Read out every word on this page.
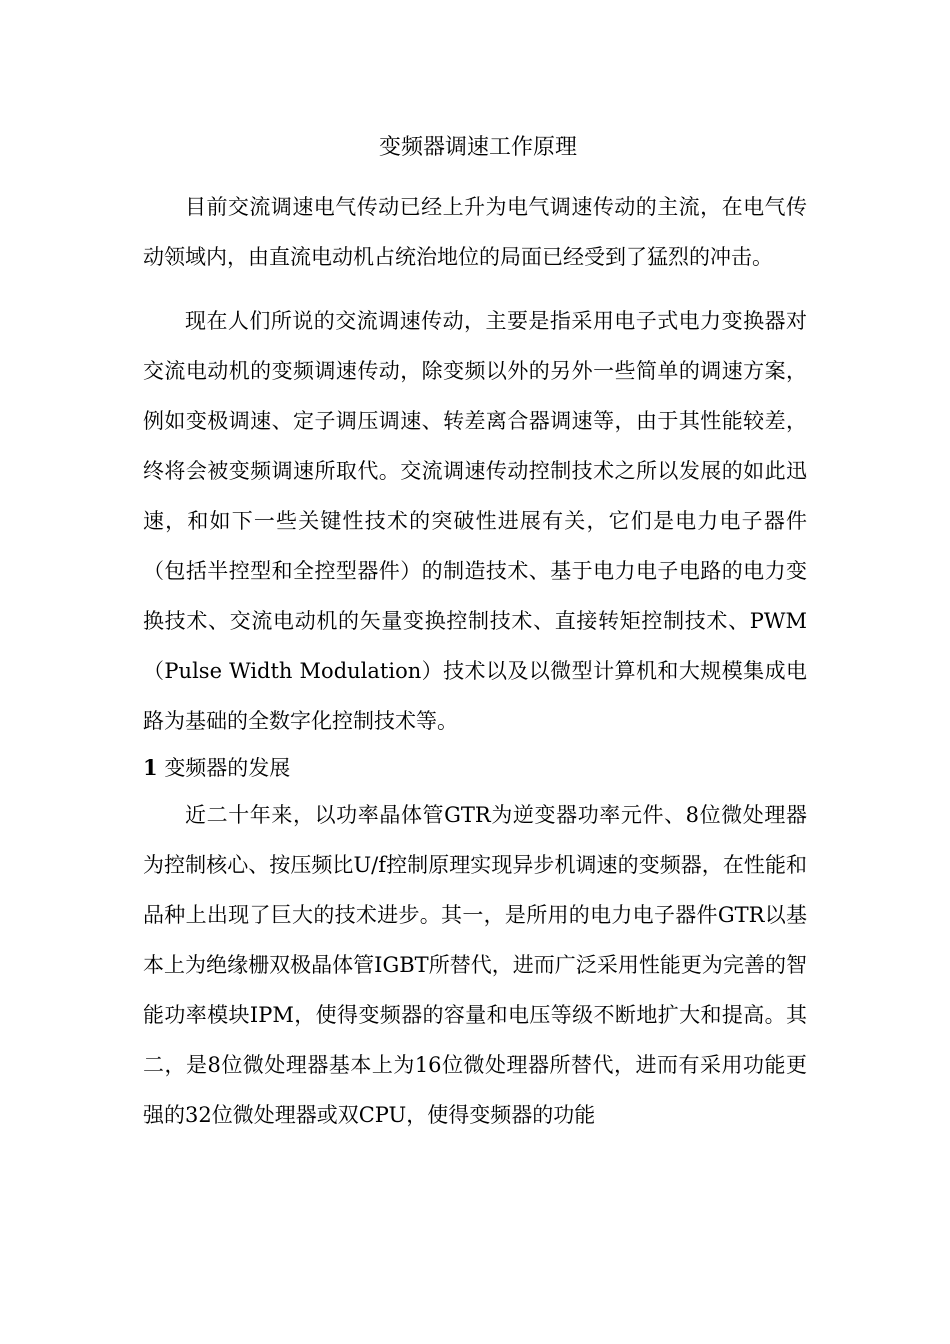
变频器调速工作原理

目前交流调速电气传动已经上升为电气调速传动的主流，在电气传动领域内，由直流电动机占统治地位的局面已经受到了猛烈的冲击。

现在人们所说的交流调速传动，主要是指采用电子式电力变换器对交流电动机的变频调速传动，除变频以外的另外一些简单的调速方案，例如变极调速、定子调压调速、转差离合器调速等，由于其性能较差，终将会被变频调速所取代。交流调速传动控制技术之所以发展的如此迅速，和如下一些关键性技术的突破性进展有关，它们是电力电子器件（包括半控型和全控型器件）的制造技术、基于电力电子电路的电力变换技术、交流电动机的矢量变换控制技术、直接转矩控制技术、PWM（Pulse Width Modulation）技术以及以微型计算机和大规模集成电路为基础的全数字化控制技术等。

1 变频器的发展

近二十年来，以功率晶体管GTR为逆变器功率元件、8位微处理器为控制核心、按压频比U/f控制原理实现异步机调速的变频器，在性能和品种上出现了巨大的技术进步。其一，是所用的电力电子器件GTR以基本上为绝缘栅双极晶体管IGBT所替代，进而广泛采用性能更为完善的智能功率模块IPM，使得变频器的容量和电压等级不断地扩大和提高。其二，是8位微处理器基本上为16位微处理器所替代，进而有采用功能更强的32位微处理器或双CPU，使得变频器的功能
